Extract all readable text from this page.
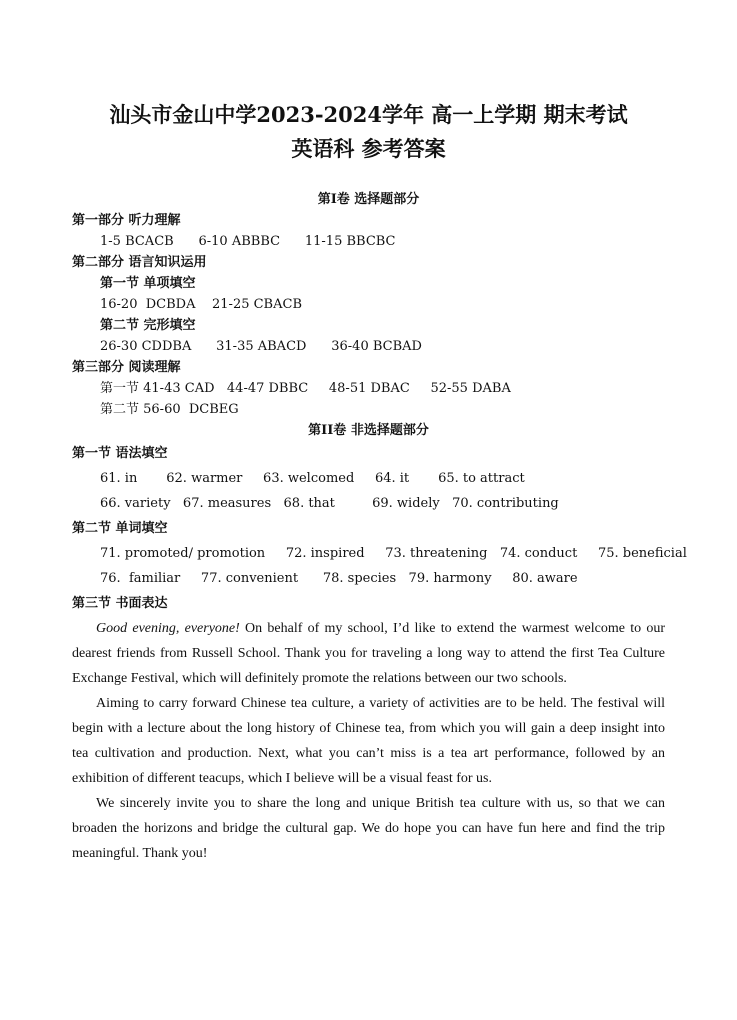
汕头市金山中学2023-2024学年 高一上学期 期末考试
英语科 参考答案
第I卷 选择题部分
第一部分 听力理解
1-5 BCACB      6-10 ABBBC      11-15 BBCBC
第二部分 语言知识运用
第一节 单项填空
16-20  DCBDA    21-25 CBACB
第二节 完形填空
26-30 CDDBA      31-35 ABACD      36-40 BCBAD
第三部分 阅读理解
第一节 41-43 CAD   44-47 DBBC     48-51 DBAC     52-55 DABA
第二节 56-60  DCBEG
第II卷 非选择题部分
第一节 语法填空
61. in       62. warmer     63. welcomed     64. it       65. to attract
66. variety   67. measures   68. that         69. widely   70. contributing
第二节 单词填空
71. promoted/ promotion     72. inspired     73. threatening   74. conduct     75. beneficial
76.  familiar     77. convenient      78. species   79. harmony     80. aware
第三节 书面表达

Good evening, everyone! On behalf of my school, I’d like to extend the warmest welcome to our dearest friends from Russell School. Thank you for traveling a long way to attend the first Tea Culture Exchange Festival, which will definitely promote the relations between our two schools.

Aiming to carry forward Chinese tea culture, a variety of activities are to be held. The festival will begin with a lecture about the long history of Chinese tea, from which you will gain a deep insight into tea cultivation and production. Next, what you can’t miss is a tea art performance, followed by an exhibition of different teacups, which I believe will be a visual feast for us.

We sincerely invite you to share the long and unique British tea culture with us, so that we can broaden the horizons and bridge the cultural gap. We do hope you can have fun here and find the trip meaningful. Thank you!
